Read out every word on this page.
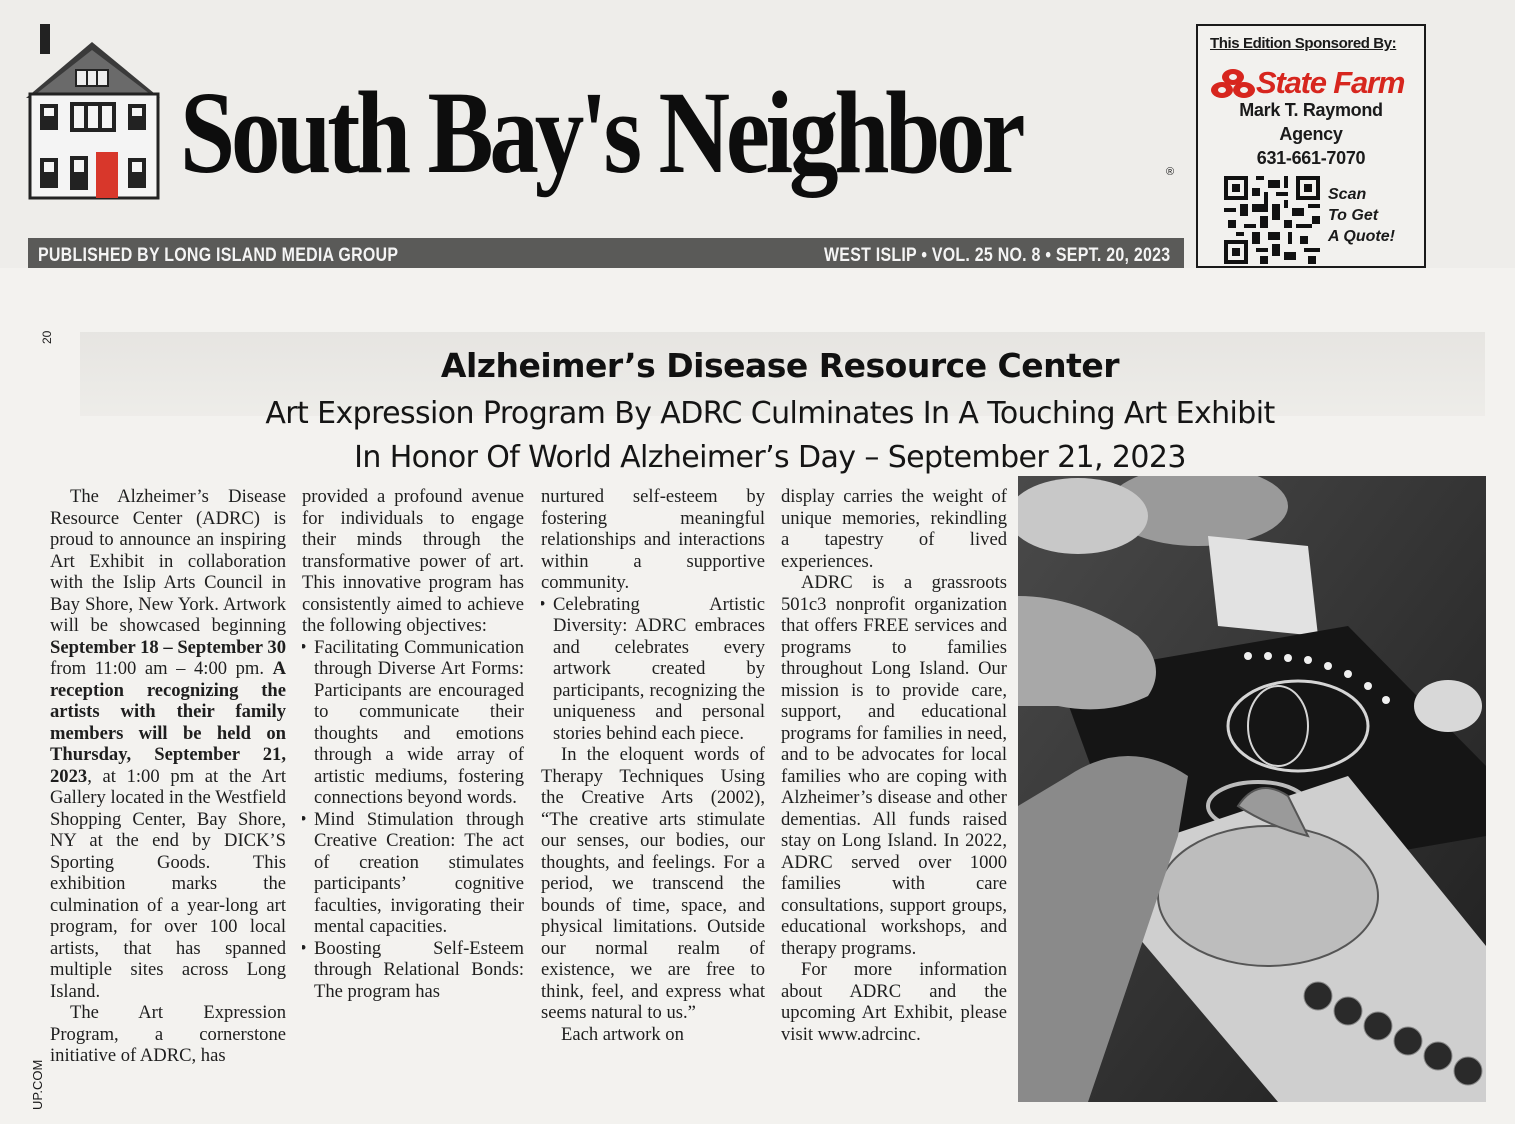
South Bay's Neighbor	®
PUBLISHED BY LONG ISLAND MEDIA GROUP	WEST ISLIP • VOL. 25 NO. 8 • SEPT. 20, 2023
This Edition Sponsored By:
State Farm
Mark T. Raymond
Agency
631-661-7070
Scan
To Get
A Quote!
20
UP.COM
Alzheimer’s Disease Resource Center
Art Expression Program By ADRC Culminates In A Touching Art Exhibit In Honor Of World Alzheimer’s Day – September 21, 2023

The Alzheimer’s Disease Resource Center (ADRC) is proud to announce an inspiring Art Exhibit in collaboration with the Islip Arts Council in Bay Shore, New York. Artwork will be showcased beginning September 18 – September 30 from 11:00 am – 4:00 pm. A reception recognizing the artists with their family members will be held on Thursday, September 21, 2023, at 1:00 pm at the Art Gallery located in the Westfield Shopping Center, Bay Shore, NY at the end by DICK’S Sporting Goods. This exhibition marks the culmination of a year-long art program, for over 100 local artists, that has spanned multiple sites across Long Island.

The Art Expression Program, a cornerstone initiative of ADRC, has

provided a profound avenue for individuals to engage their minds through the transformative power of art. This innovative program has consistently aimed to achieve the following objectives:

• Facilitating Communication through Diverse Art Forms: Participants are encouraged to communicate their thoughts and emotions through a wide array of artistic mediums, fostering connections beyond words.
• Mind Stimulation through Creative Creation: The act of creation stimulates participants’ cognitive faculties, invigorating their mental capacities.
• Boosting Self-Esteem through Relational Bonds: The program has

nurtured self-esteem by fostering meaningful relationships and interactions within a supportive community.

• Celebrating Artistic Diversity: ADRC embraces and celebrates every artwork created by participants, recognizing the uniqueness and personal stories behind each piece.

In the eloquent words of Therapy Techniques Using the Creative Arts (2002), “The creative arts stimulate our senses, our bodies, our thoughts, and feelings. For a period, we transcend the bounds of time, space, and physical limitations. Outside our normal realm of existence, we are free to think, feel, and express what seems natural to us.”

Each artwork on

display carries the weight of unique memories, rekindling a tapestry of lived experiences.

ADRC is a grassroots 501c3 nonprofit organization that offers FREE services and programs to families throughout Long Island. Our mission is to provide care, support, and educational programs for families in need, and to be advocates for local families who are coping with Alzheimer’s disease and other dementias. All funds raised stay on Long Island. In 2022, ADRC served over 1000 families with care consultations, support groups, educational workshops, and therapy programs.

For more information about ADRC and the upcoming Art Exhibit, please visit www.adrcinc.
